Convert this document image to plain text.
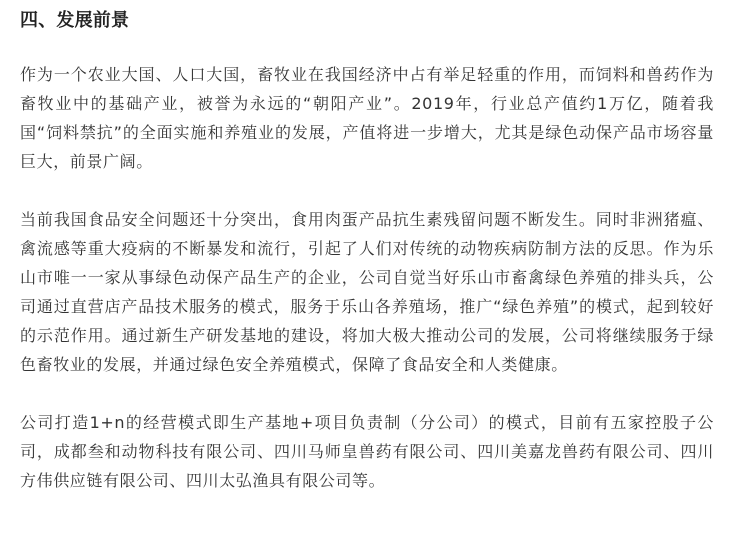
四、发展前景

作为一个农业大国、人口大国，畜牧业在我国经济中占有举足轻重的作用，而饲料和兽药作为畜牧业中的基础产业，被誉为永远的“朝阳产业”。2019年，行业总产值约1万亿，随着我国“饲料禁抗”的全面实施和养殖业的发展，产值将进一步增大，尤其是绿色动保产品市场容量巨大，前景广阔。

当前我国食品安全问题还十分突出，食用肉蛋产品抗生素残留问题不断发生。同时非洲猪瘟、禽流感等重大疫病的不断暴发和流行，引起了人们对传统的动物疾病防制方法的反思。作为乐山市唯一一家从事绿色动保产品生产的企业，公司自觉当好乐山市畜禽绿色养殖的排头兵，公司通过直营店产品技术服务的模式，服务于乐山各养殖场，推广“绿色养殖”的模式，起到较好的示范作用。通过新生产研发基地的建设，将加大极大推动公司的发展，公司将继续服务于绿色畜牧业的发展，并通过绿色安全养殖模式，保障了食品安全和人类健康。

公司打造1+n的经营模式即生产基地+项目负责制（分公司）的模式，目前有五家控股子公司，成都叁和动物科技有限公司、四川马师皇兽药有限公司、四川美嘉龙兽药有限公司、四川方伟供应链有限公司、四川太弘渔具有限公司等。
